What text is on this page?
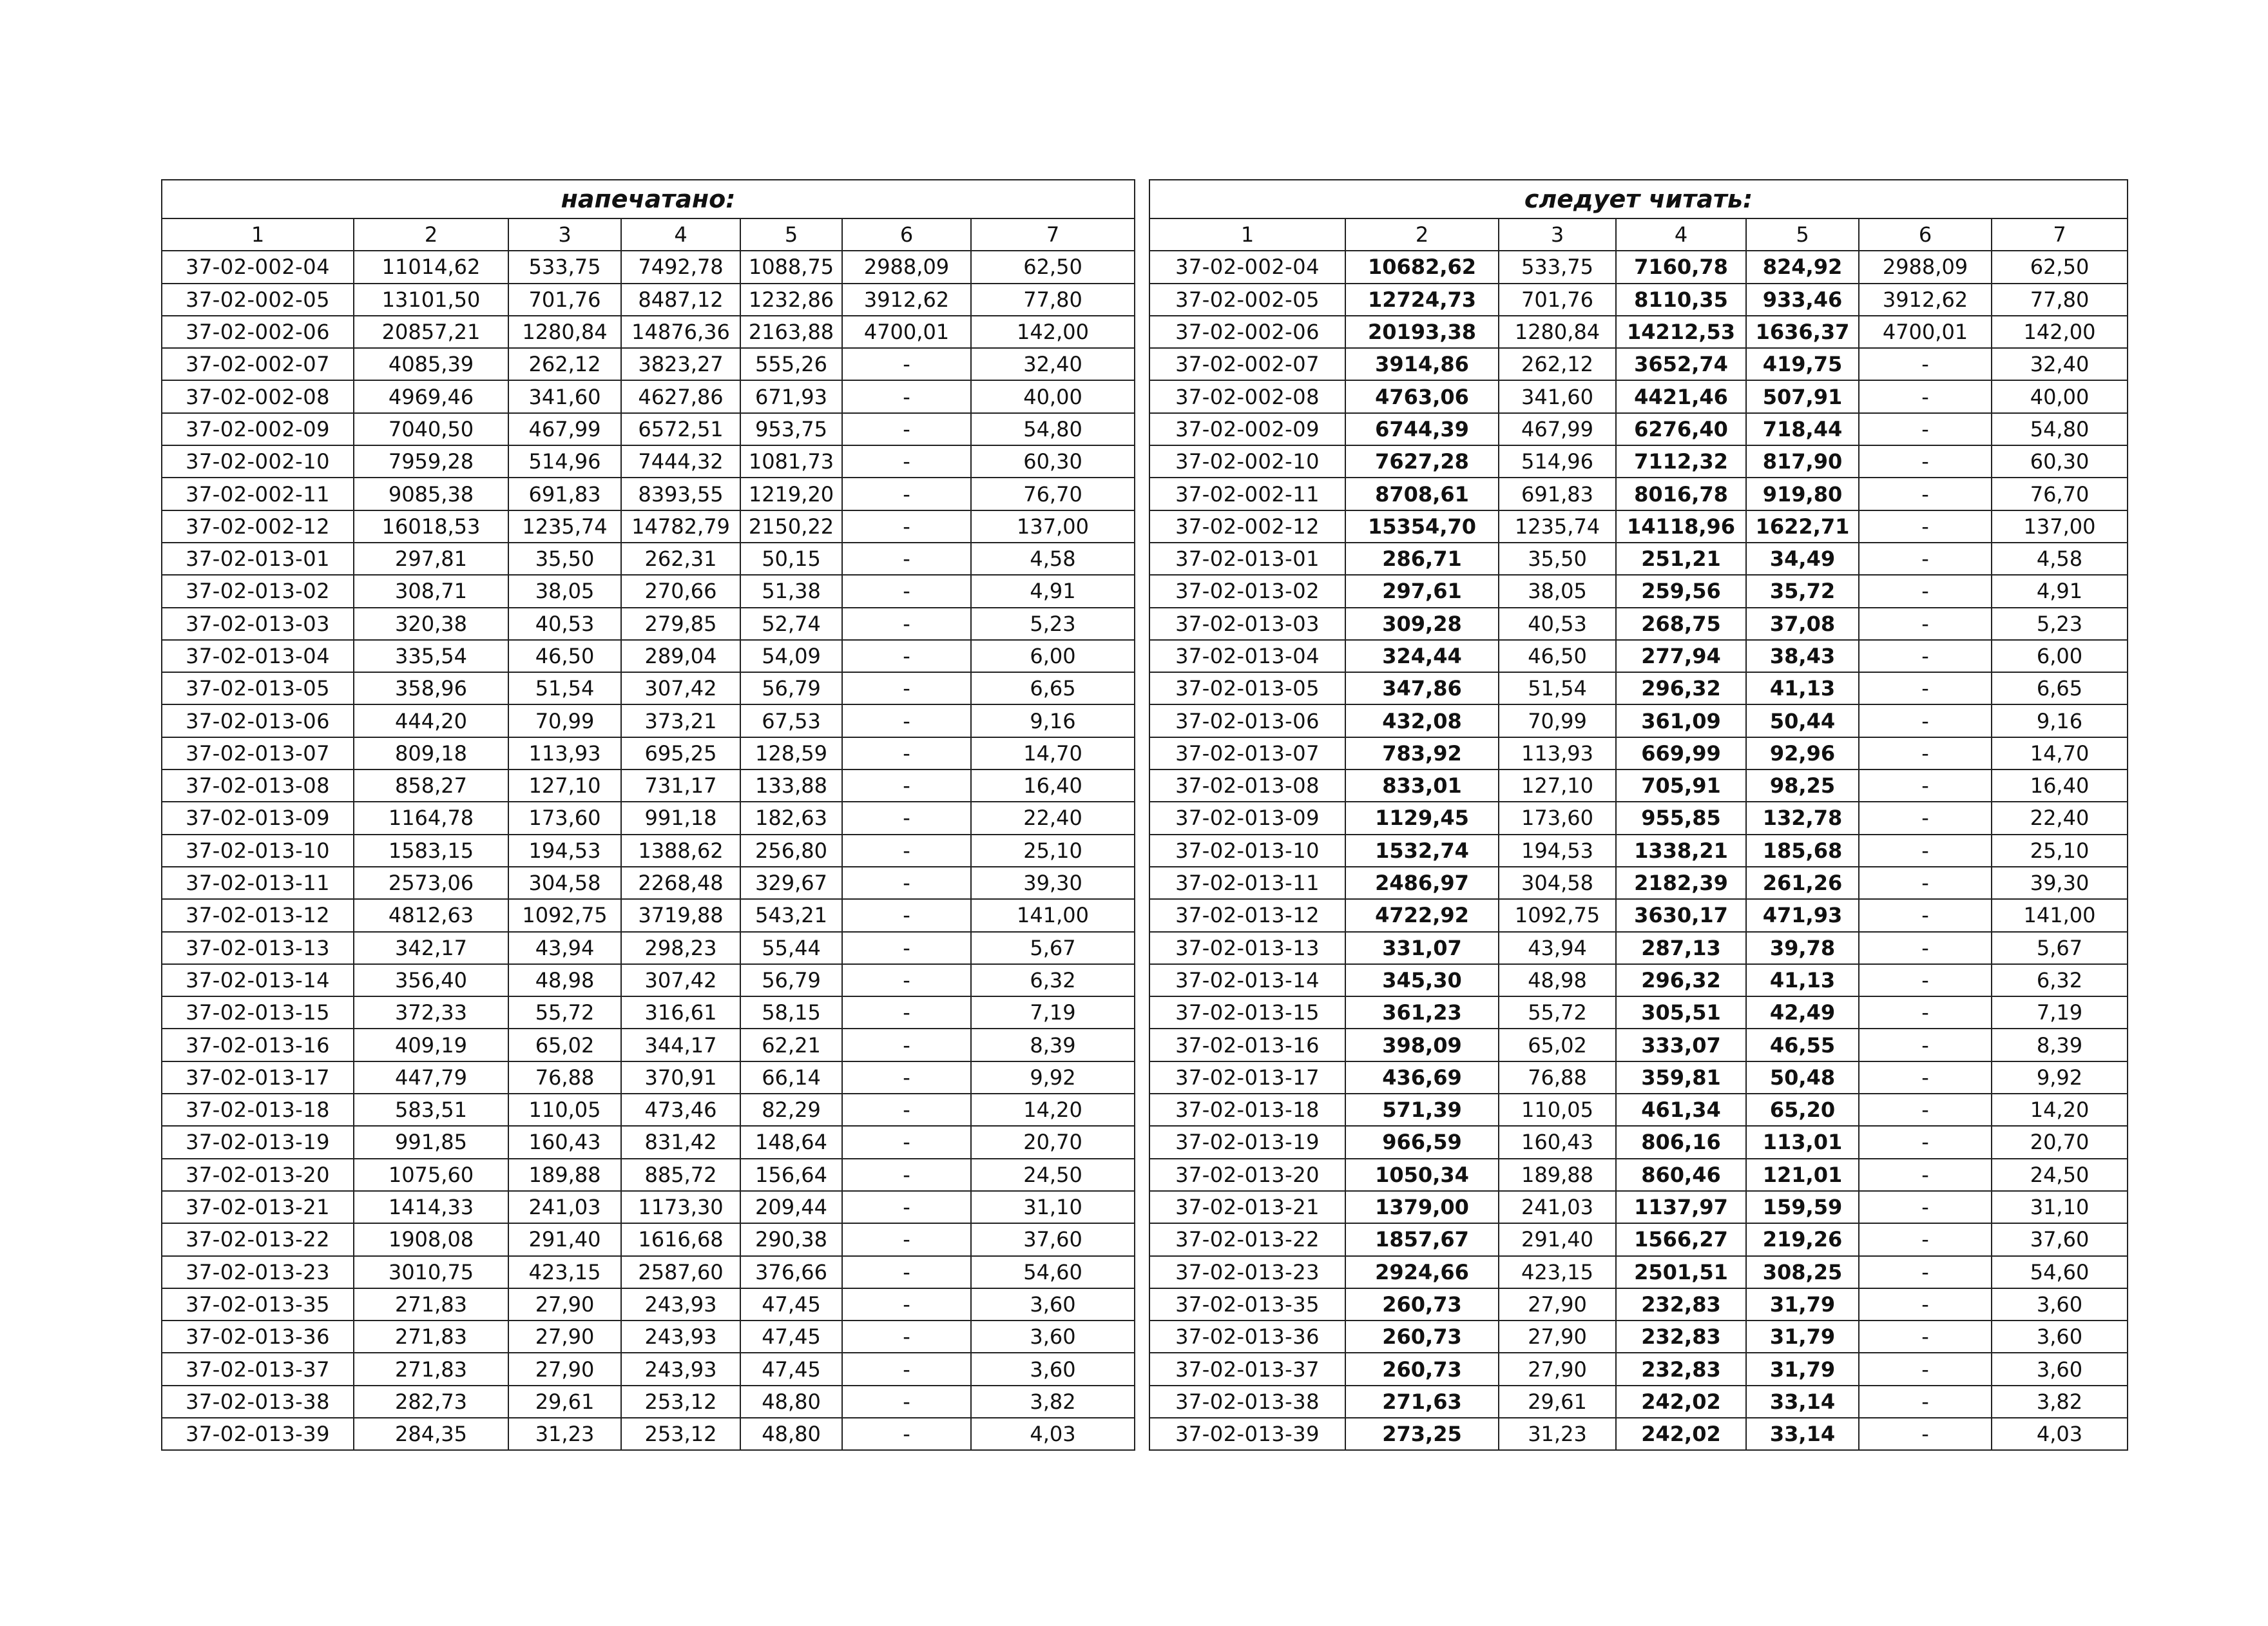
напечатано:						
1	2	3	4	5	6	7
37-02-002-04	11014,62	533,75	7492,78	1088,75	2988,09	62,50
37-02-002-05	13101,50	701,76	8487,12	1232,86	3912,62	77,80
37-02-002-06	20857,21	1280,84	14876,36	2163,88	4700,01	142,00
37-02-002-07	4085,39	262,12	3823,27	555,26	-	32,40
37-02-002-08	4969,46	341,60	4627,86	671,93	-	40,00
37-02-002-09	7040,50	467,99	6572,51	953,75	-	54,80
37-02-002-10	7959,28	514,96	7444,32	1081,73	-	60,30
37-02-002-11	9085,38	691,83	8393,55	1219,20	-	76,70
37-02-002-12	16018,53	1235,74	14782,79	2150,22	-	137,00
37-02-013-01	297,81	35,50	262,31	50,15	-	4,58
37-02-013-02	308,71	38,05	270,66	51,38	-	4,91
37-02-013-03	320,38	40,53	279,85	52,74	-	5,23
37-02-013-04	335,54	46,50	289,04	54,09	-	6,00
37-02-013-05	358,96	51,54	307,42	56,79	-	6,65
37-02-013-06	444,20	70,99	373,21	67,53	-	9,16
37-02-013-07	809,18	113,93	695,25	128,59	-	14,70
37-02-013-08	858,27	127,10	731,17	133,88	-	16,40
37-02-013-09	1164,78	173,60	991,18	182,63	-	22,40
37-02-013-10	1583,15	194,53	1388,62	256,80	-	25,10
37-02-013-11	2573,06	304,58	2268,48	329,67	-	39,30
37-02-013-12	4812,63	1092,75	3719,88	543,21	-	141,00
37-02-013-13	342,17	43,94	298,23	55,44	-	5,67
37-02-013-14	356,40	48,98	307,42	56,79	-	6,32
37-02-013-15	372,33	55,72	316,61	58,15	-	7,19
37-02-013-16	409,19	65,02	344,17	62,21	-	8,39
37-02-013-17	447,79	76,88	370,91	66,14	-	9,92
37-02-013-18	583,51	110,05	473,46	82,29	-	14,20
37-02-013-19	991,85	160,43	831,42	148,64	-	20,70
37-02-013-20	1075,60	189,88	885,72	156,64	-	24,50
37-02-013-21	1414,33	241,03	1173,30	209,44	-	31,10
37-02-013-22	1908,08	291,40	1616,68	290,38	-	37,60
37-02-013-23	3010,75	423,15	2587,60	376,66	-	54,60
37-02-013-35	271,83	27,90	243,93	47,45	-	3,60
37-02-013-36	271,83	27,90	243,93	47,45	-	3,60
37-02-013-37	271,83	27,90	243,93	47,45	-	3,60
37-02-013-38	282,73	29,61	253,12	48,80	-	3,82
37-02-013-39	284,35	31,23	253,12	48,80	-	4,03
следует читать:						
1	2	3	4	5	6	7
37-02-002-04	10682,62	533,75	7160,78	824,92	2988,09	62,50
37-02-002-05	12724,73	701,76	8110,35	933,46	3912,62	77,80
37-02-002-06	20193,38	1280,84	14212,53	1636,37	4700,01	142,00
37-02-002-07	3914,86	262,12	3652,74	419,75	-	32,40
37-02-002-08	4763,06	341,60	4421,46	507,91	-	40,00
37-02-002-09	6744,39	467,99	6276,40	718,44	-	54,80
37-02-002-10	7627,28	514,96	7112,32	817,90	-	60,30
37-02-002-11	8708,61	691,83	8016,78	919,80	-	76,70
37-02-002-12	15354,70	1235,74	14118,96	1622,71	-	137,00
37-02-013-01	286,71	35,50	251,21	34,49	-	4,58
37-02-013-02	297,61	38,05	259,56	35,72	-	4,91
37-02-013-03	309,28	40,53	268,75	37,08	-	5,23
37-02-013-04	324,44	46,50	277,94	38,43	-	6,00
37-02-013-05	347,86	51,54	296,32	41,13	-	6,65
37-02-013-06	432,08	70,99	361,09	50,44	-	9,16
37-02-013-07	783,92	113,93	669,99	92,96	-	14,70
37-02-013-08	833,01	127,10	705,91	98,25	-	16,40
37-02-013-09	1129,45	173,60	955,85	132,78	-	22,40
37-02-013-10	1532,74	194,53	1338,21	185,68	-	25,10
37-02-013-11	2486,97	304,58	2182,39	261,26	-	39,30
37-02-013-12	4722,92	1092,75	3630,17	471,93	-	141,00
37-02-013-13	331,07	43,94	287,13	39,78	-	5,67
37-02-013-14	345,30	48,98	296,32	41,13	-	6,32
37-02-013-15	361,23	55,72	305,51	42,49	-	7,19
37-02-013-16	398,09	65,02	333,07	46,55	-	8,39
37-02-013-17	436,69	76,88	359,81	50,48	-	9,92
37-02-013-18	571,39	110,05	461,34	65,20	-	14,20
37-02-013-19	966,59	160,43	806,16	113,01	-	20,70
37-02-013-20	1050,34	189,88	860,46	121,01	-	24,50
37-02-013-21	1379,00	241,03	1137,97	159,59	-	31,10
37-02-013-22	1857,67	291,40	1566,27	219,26	-	37,60
37-02-013-23	2924,66	423,15	2501,51	308,25	-	54,60
37-02-013-35	260,73	27,90	232,83	31,79	-	3,60
37-02-013-36	260,73	27,90	232,83	31,79	-	3,60
37-02-013-37	260,73	27,90	232,83	31,79	-	3,60
37-02-013-38	271,63	29,61	242,02	33,14	-	3,82
37-02-013-39	273,25	31,23	242,02	33,14	-	4,03
